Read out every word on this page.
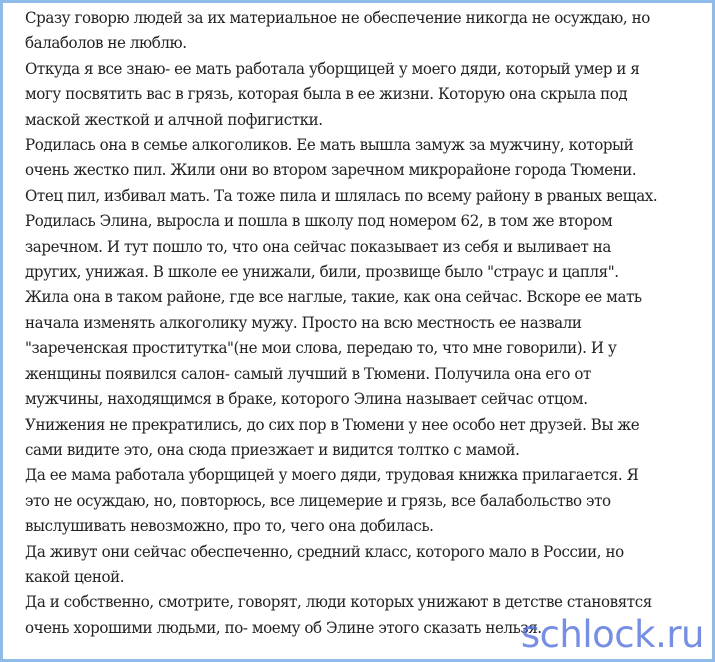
Сразу говорю людей за их материальное не обеспечение никогда не осуждаю, но балаболов не люблю.

Откуда я все знаю- ее мать работала уборщицей у моего дяди, который умер и я могу посвятить вас в грязь, которая была в ее жизни. Которую она скрыла под маской жесткой и алчной пофигистки.

Родилась она в семье алкоголиков. Ее мать вышла замуж за мужчину, который очень жестко пил. Жили они во втором заречном микрорайоне города Тюмени. Отец пил, избивал мать. Та тоже пила и шлялась по всему району в рваных вещах. Родилась Элина, выросла и пошла в школу под номером 62, в том же втором заречном. И тут пошло то, что она сейчас показывает из себя и выливает на других, унижая. В школе ее унижали, били, прозвище было "страус и цапля". Жила она в таком районе, где все наглые, такие, как она сейчас. Вскоре ее мать начала изменять алкоголику мужу. Просто на всю местность ее назвали "зареченская проститутка"(не мои слова, передаю то, что мне говорили). И у женщины появился салон- самый лучший в Тюмени. Получила она его от мужчины, находящимся в браке, которого Элина называет сейчас отцом. Унижения не прекратились, до сих пор в Тюмени у нее особо нет друзей. Вы же сами видите это, она сюда приезжает и видится толтко с мамой.

Да ее мама работала уборщицей у моего дяди, трудовая книжка прилагается. Я это не осуждаю, но, повторюсь, все лицемерие и грязь, все балабольство это выслушивать невозможно, про то, чего она добилась.

Да живут они сейчас обеспеченно, средний класс, которого мало в России, но какой ценой.

Да и собственно, смотрите, говорят, люди которых унижают в детстве становятся очень хорошими людьми, по- моему об Элине этого сказать нельзя.

schlock.ru
